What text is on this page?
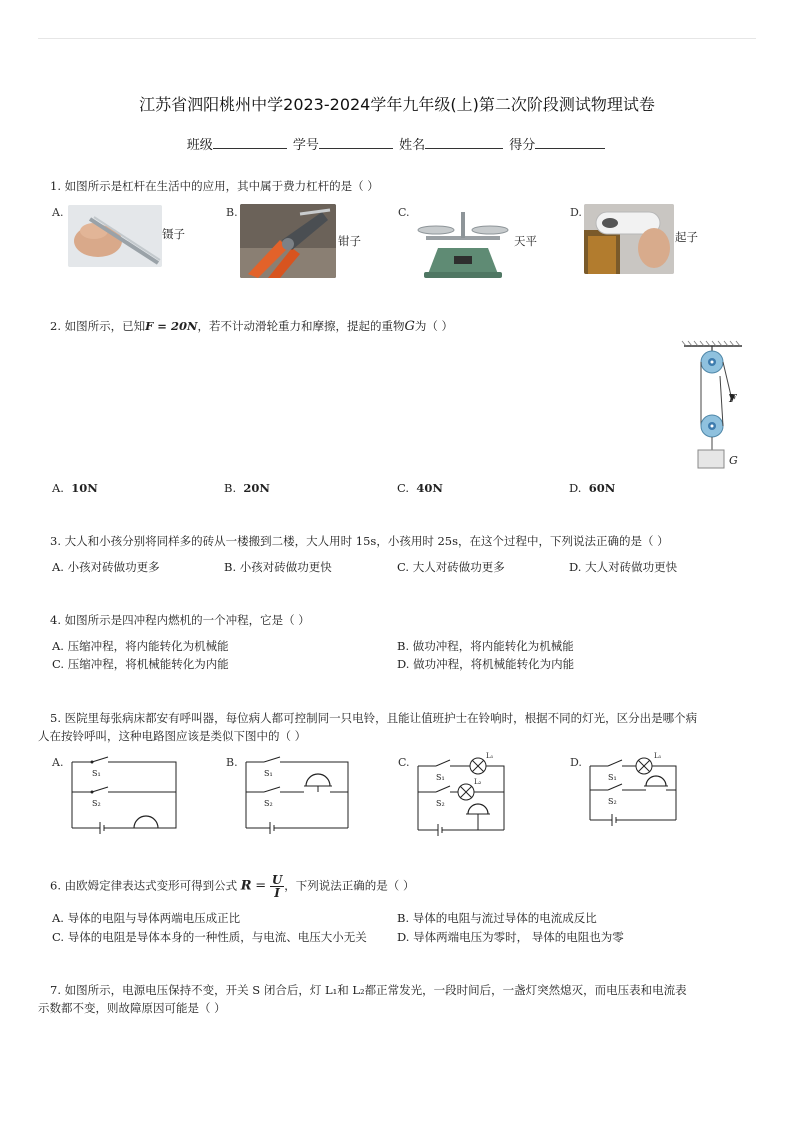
江苏省泗阳桃州中学2023-2024学年九年级(上)第二次阶段测试物理试卷
班级	学号	姓名	得分
1. 如图所示是杠杆在生活中的应用，其中属于费力杠杆的是（ ）
A.
镊子
B.
钳子
C.
天平
D.
起子
2. 如图所示，已知F = 20N，若不计动滑轮重力和摩擦，提起的重物G为（ ）
F
G
A. 10N	B. 20N	C. 40N	D. 60N
3. 大人和小孩分别将同样多的砖从一楼搬到二楼，大人用时 15s，小孩用时 25s，在这个过程中，下列说法正确的是（ ）
A. 小孩对砖做功更多	B. 小孩对砖做功更快	C. 大人对砖做功更多	D. 大人对砖做功更快
4. 如图所示是四冲程内燃机的一个冲程，它是（ ）
A. 压缩冲程，将内能转化为机械能	B. 做功冲程，将内能转化为机械能
C. 压缩冲程，将机械能转化为内能	D. 做功冲程，将机械能转化为内能
5. 医院里每张病床都安有呼叫器，每位病人都可控制同一只电铃，且能让值班护士在铃响时，根据不同的灯光，区分出是哪个病
人在按铃呼叫，这种电路图应该是类似下图中的（ ）
A.
S₁
S₂
B.
S₁
S₂
C.
S₁
S₂
L₁
L₂
D.
S₁
S₂
L₁
6. 由欧姆定律表达式变形可得到公式 $R = \frac{U}{I}$ ，下列说法正确的是（ ）
A. 导体的电阻与导体两端电压成正比	B. 导体的电阻与流过导体的电流成反比
C. 导体的电阻是导体本身的一种性质，与电流、电压大小无关	D. 导体两端电压为零时， 导体的电阻也为零
7. 如图所示，电源电压保持不变，开关 S 闭合后，灯 L₁和 L₂都正常发光，一段时间后，一盏灯突然熄灭，而电压表和电流表
示数都不变，则故障原因可能是（ ）
